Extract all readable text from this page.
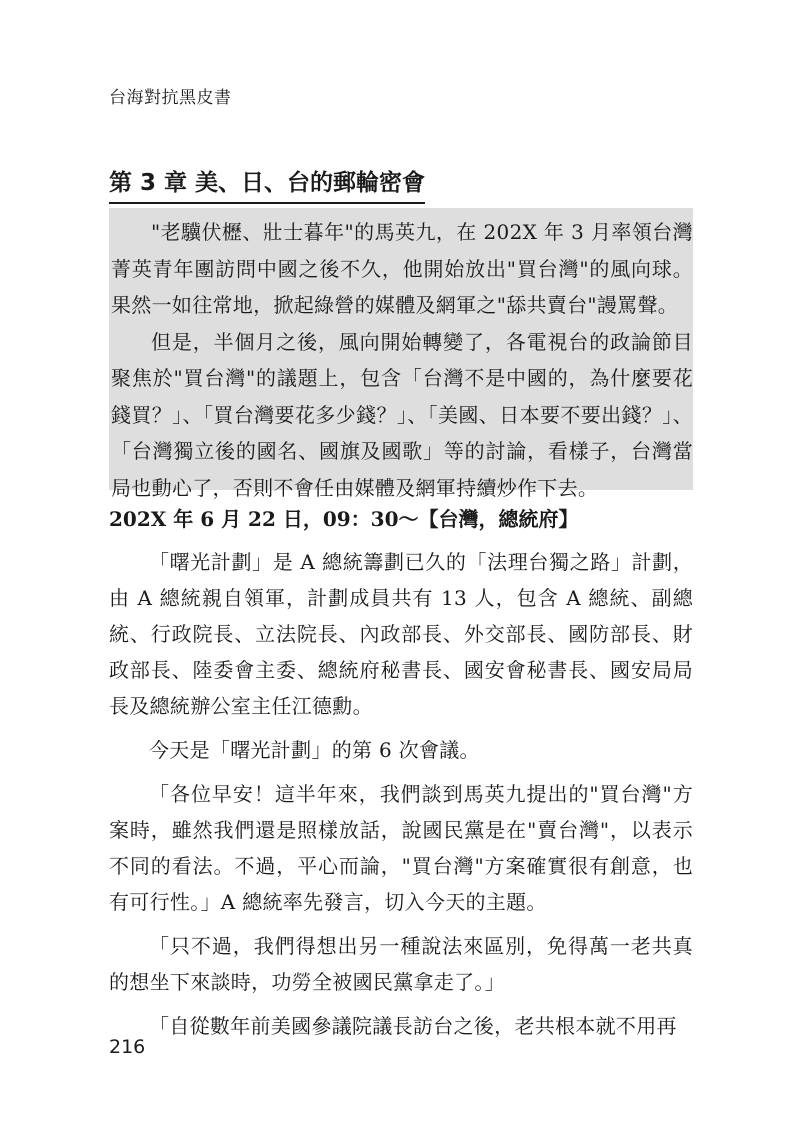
台海對抗黑皮書
第 3 章 美、日、台的郵輪密會

"老驥伏櫪、壯士暮年"的馬英九，在 202X 年 3 月率領台灣菁英青年團訪問中國之後不久，他開始放出"買台灣"的風向球。果然一如往常地，掀起綠營的媒體及網軍之"舔共賣台"謾罵聲。

但是，半個月之後，風向開始轉變了，各電視台的政論節目聚焦於"買台灣"的議題上，包含「台灣不是中國的，為什麼要花錢買？」、「買台灣要花多少錢？」、「美國、日本要不要出錢？」、「台灣獨立後的國名、國旗及國歌」等的討論，看樣子，台灣當局也動心了，否則不會任由媒體及網軍持續炒作下去。

202X 年 6 月 22 日，09：30～【台灣，總統府】

「曙光計劃」是 A 總統籌劃已久的「法理台獨之路」計劃，由 A 總統親自領軍，計劃成員共有 13 人，包含 A 總統、副總統、行政院長、立法院長、內政部長、外交部長、國防部長、財政部長、陸委會主委、總統府秘書長、國安會秘書長、國安局局長及總統辦公室主任江德勳。

今天是「曙光計劃」的第 6 次會議。

「各位早安！這半年來，我們談到馬英九提出的"買台灣"方案時，雖然我們還是照樣放話，說國民黨是在"賣台灣"，以表示不同的看法。不過，平心而論，"買台灣"方案確實很有創意，也有可行性。」A 總統率先發言，切入今天的主題。

「只不過，我們得想出另一種說法來區別，免得萬一老共真的想坐下來談時，功勞全被國民黨拿走了。」

「自從數年前美國參議院議長訪台之後，老共根本就不用再

216
